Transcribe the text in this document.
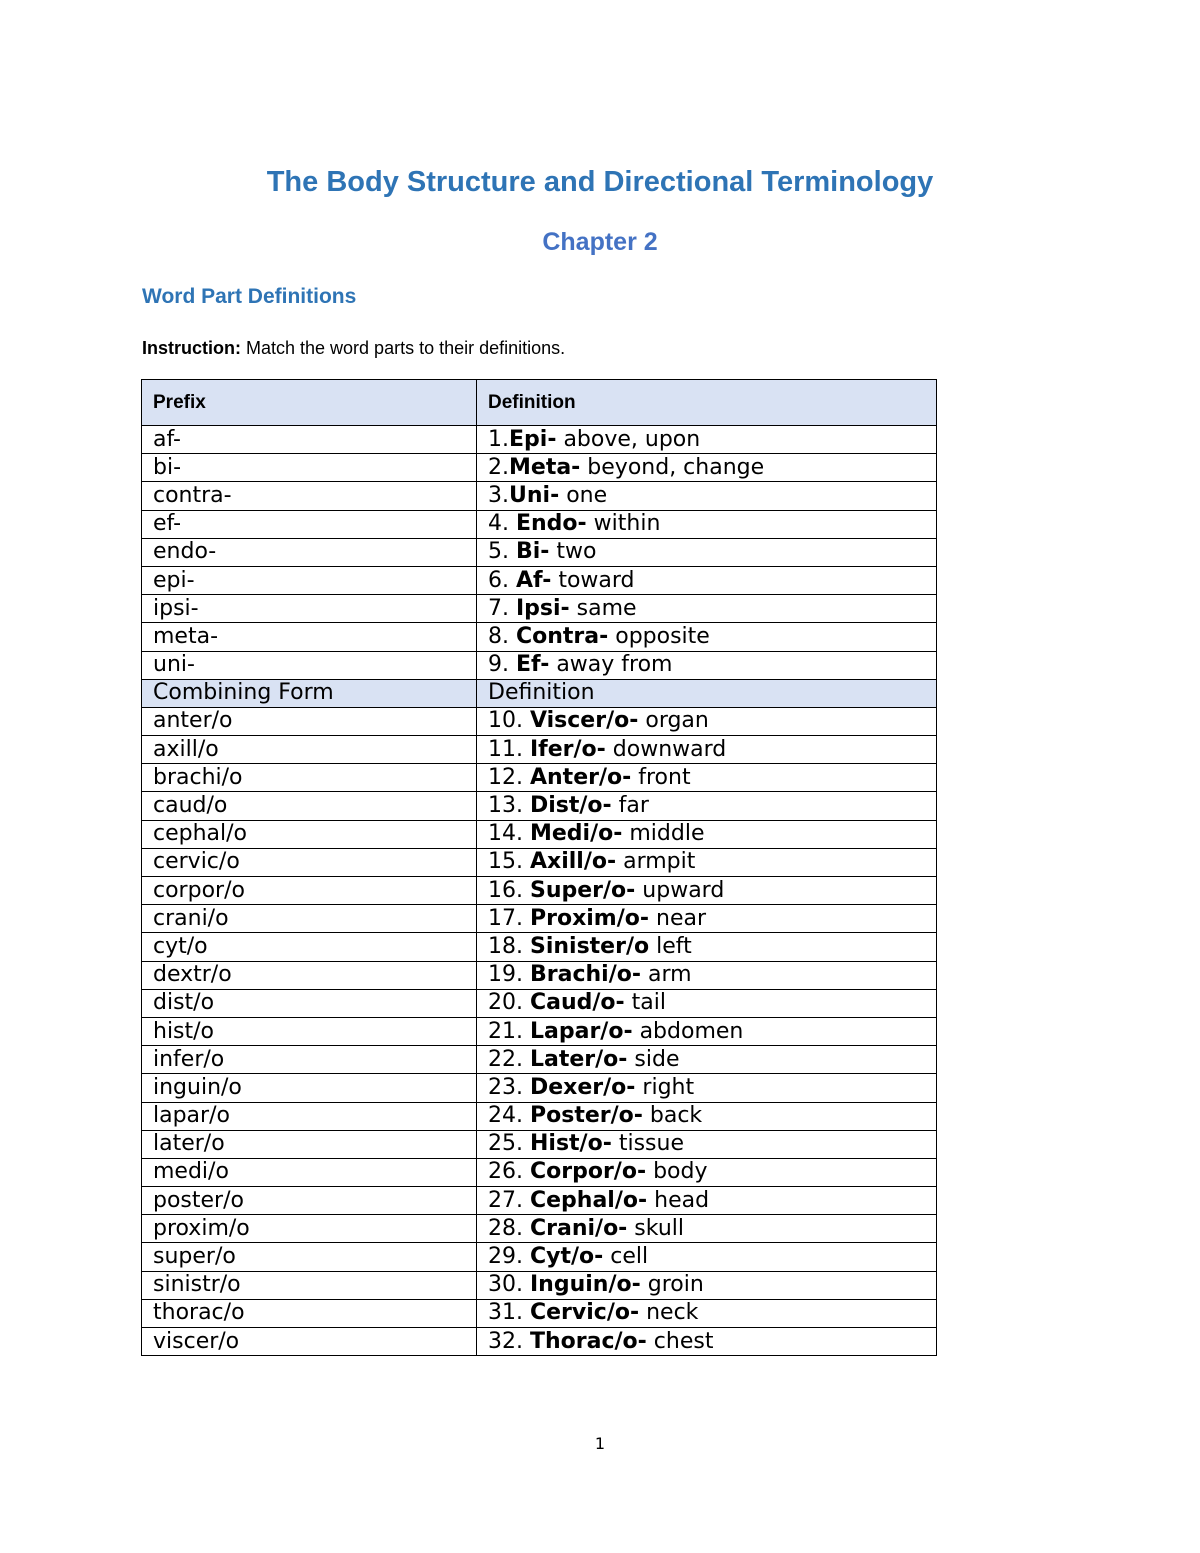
The Body Structure and Directional Terminology
Chapter 2
Word Part Definitions
Instruction: Match the word parts to their definitions.
Prefix	Definition
af-	1.Epi- above, upon
bi-	2.Meta- beyond, change
contra-	3.Uni- one
ef-	4. Endo- within
endo-	5. Bi- two
epi-	6. Af- toward
ipsi-	7. Ipsi- same
meta-	8. Contra- opposite
uni-	9. Ef- away from
Combining Form	Definition
anter/o	10. Viscer/o- organ
axill/o	11. Ifer/o- downward
brachi/o	12. Anter/o- front
caud/o	13. Dist/o- far
cephal/o	14. Medi/o- middle
cervic/o	15. Axill/o- armpit
corpor/o	16. Super/o- upward
crani/o	17. Proxim/o- near
cyt/o	18. Sinister/o left
dextr/o	19. Brachi/o- arm
dist/o	20. Caud/o- tail
hist/o	21. Lapar/o- abdomen
infer/o	22. Later/o- side
inguin/o	23. Dexer/o- right
lapar/o	24. Poster/o- back
later/o	25. Hist/o- tissue
medi/o	26. Corpor/o- body
poster/o	27. Cephal/o- head
proxim/o	28. Crani/o- skull
super/o	29. Cyt/o- cell
sinistr/o	30. Inguin/o- groin
thorac/o	31. Cervic/o- neck
viscer/o	32. Thorac/o- chest
1
